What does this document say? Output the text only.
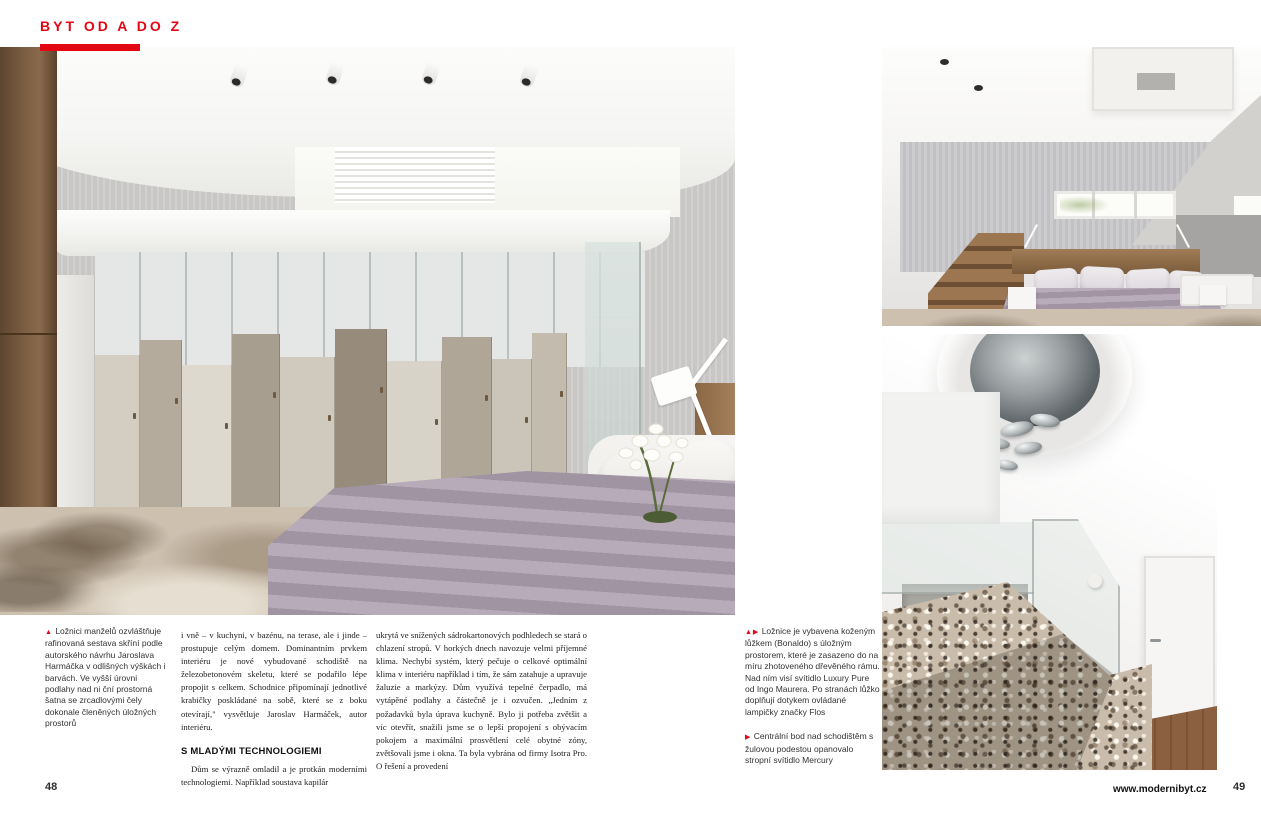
BYT OD A DO Z
▲ Ložnici manželů ozvláštňuje rafinovaná sestava skříní podle autorského návrhu Jaroslava Harmáčka v odlišných výškách i barvách. Ve vyšší úrovni podlahy nad ni ční prostorná šatna se zrcadlovými čely dokonale členěných úložných prostorů

▲▶ Ložnice je vybavena koženým lůžkem (Bonaldo) s úložným prostorem, které je zasazeno do na míru zhotoveného dřevěného rámu. Nad ním visí svítidlo Luxury Pure od Ingo Maurera. Po stranách lůžko doplňují dotykem ovládané lampičky značky Flos

▶ Centrální bod nad schodištěm s žulovou podestou opanovalo stropní svítidlo Mercury

i vně – v kuchyni, v bazénu, na terase, ale i jinde – prostupuje celým domem. Dominantním prvkem interiéru je nové vybudované schodiště na železobetonovém skeletu, které se podařilo lépe propojit s celkem. Schodnice připomínají jednotlivé krabičky poskládané na sobě, které se z boku otevírají," vysvětluje Jaroslav Harmáček, autor interiéru.

S MLADÝMI TECHNOLOGIEMI

Dům se výrazně omladil a je protkán moderními technologiemi. Například soustava kapilár

ukrytá ve snížených sádrokartonových podhledech se stará o chlazení stropů. V horkých dnech navozuje velmi příjemné klima. Nechybí systém, který pečuje o celkové optimální klima v interiéru například i tím, že sám zatahuje a upravuje žaluzie a markýzy. Dům využívá tepelné čerpadlo, má vytápěné podlahy a částečně je i ozvučen. „Jedním z požadavků byla úprava kuchyně. Bylo ji potřeba zvětšit a víc otevřít, snažili jsme se o lepší propojení s obývacím pokojem a maximální prosvětlení celé obytné zóny, zvětšovali jsme i okna. Ta byla vybrána od firmy Isotra Pro. O řešení a provedení

48	www.modernibyt.cz 49
